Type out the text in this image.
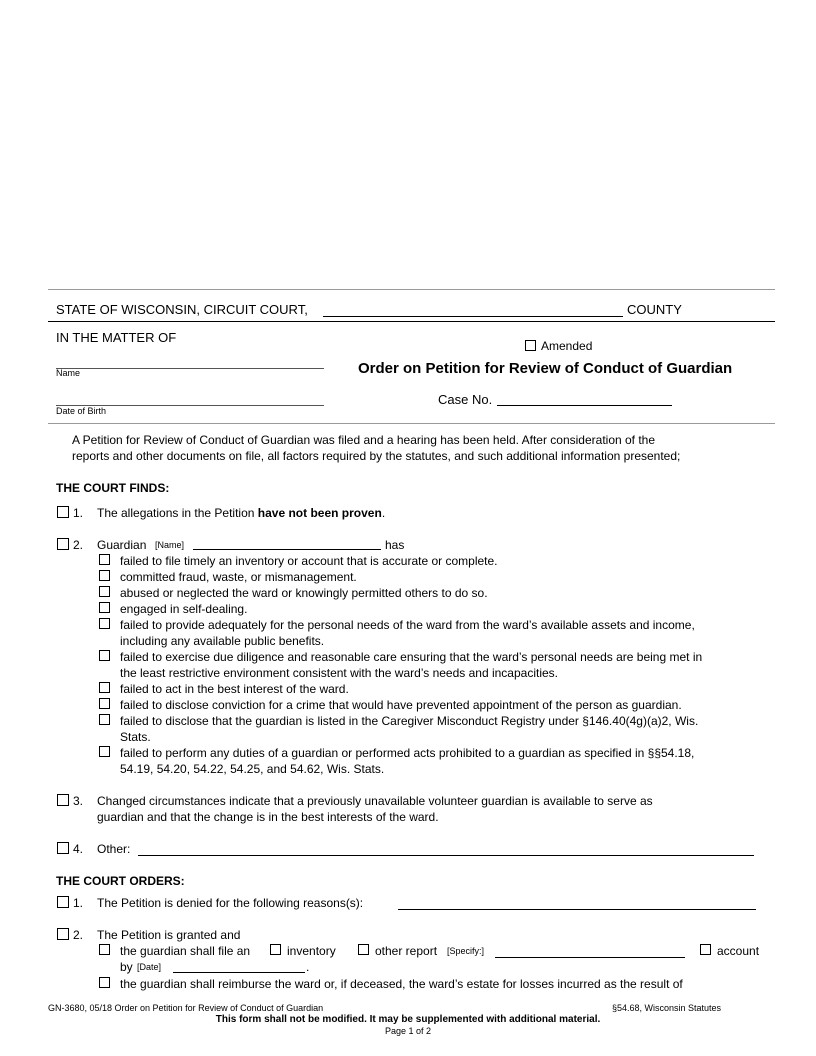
STATE OF WISCONSIN, CIRCUIT COURT,	COUNTY
IN THE MATTER OF
Amended
Name	Order on Petition for Review of Conduct of Guardian
Date of Birth
Case No.
A Petition for Review of Conduct of Guardian was filed and a hearing has been held. After consideration of the
reports and other documents on file, all factors required by the statutes, and such additional information presented;
THE COURT FINDS:
1. The allegations in the Petition have not been proven.
2. Guardian [Name]	has
failed to file timely an inventory or account that is accurate or complete.
committed fraud, waste, or mismanagement.
abused or neglected the ward or knowingly permitted others to do so.
engaged in self-dealing.
failed to provide adequately for the personal needs of the ward from the ward’s available assets and income,
including any available public benefits.
failed to exercise due diligence and reasonable care ensuring that the ward’s personal needs are being met in
the least restrictive environment consistent with the ward’s needs and incapacities.
failed to act in the best interest of the ward.
failed to disclose conviction for a crime that would have prevented appointment of the person as guardian.
failed to disclose that the guardian is listed in the Caregiver Misconduct Registry under §146.40(4g)(a)2, Wis.
Stats.
failed to perform any duties of a guardian or performed acts prohibited to a guardian as specified in §§54.18,
54.19, 54.20, 54.22, 54.25, and 54.62, Wis. Stats.
3. Changed circumstances indicate that a previously unavailable volunteer guardian is available to serve as
guardian and that the change is in the best interests of the ward.
4. Other:
THE COURT ORDERS:
1. The Petition is denied for the following reasons(s):
2. The Petition is granted and
the guardian shall file an	inventory	other report [Specify:]	account
by [Date]	.
the guardian shall reimburse the ward or, if deceased, the ward’s estate for losses incurred as the result of
GN-3680, 05/18 Order on Petition for Review of Conduct of Guardian	§54.68, Wisconsin Statutes
This form shall not be modified. It may be supplemented with additional material.
Page 1 of 2
